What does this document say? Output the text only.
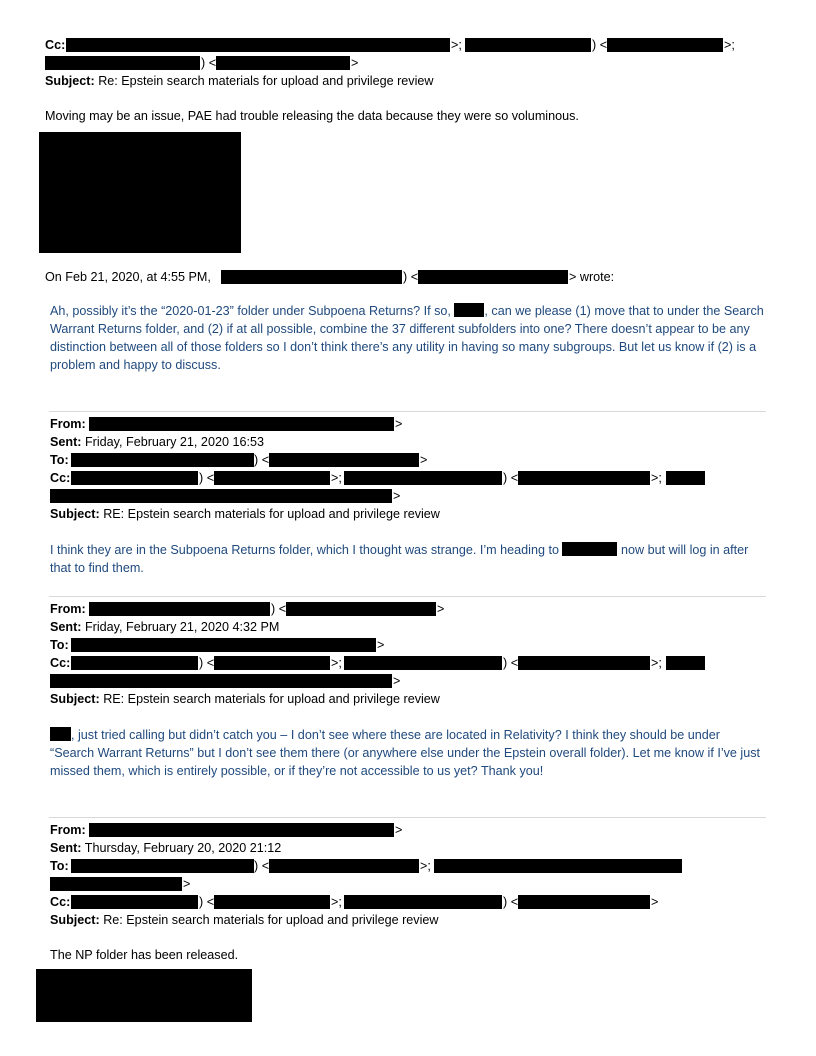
Cc:	>;	) <	>;
) <	>
Subject: Re: Epstein search materials for upload and privilege review
Moving may be an issue, PAE had trouble releasing the data because they were so voluminous.
On Feb 21, 2020, at 4:55 PM,	) <	> wrote:
Ah, possibly it’s the “2020-01-23” folder under Subpoena Returns? If so,	, can we please (1) move that to under the Search Warrant Returns folder, and (2) if at all possible, combine the 37 different subfolders into one? There doesn’t appear to be any distinction between all of those folders so I don’t think there’s any utility in having so many subgroups. But let us know if (2) is a problem and happy to discuss.
From:	>
Sent: Friday, February 21, 2020 16:53
To:	) <	>
Cc:	) <	>;	) <	>;
>
Subject: RE: Epstein search materials for upload and privilege review
I think they are in the Subpoena Returns folder, which I thought was strange. I’m heading to	now but will log in after that to find them.
From:	) <	>
Sent: Friday, February 21, 2020 4:32 PM
To:	>
Cc:	) <	>;	) <	>;
>
Subject: RE: Epstein search materials for upload and privilege review
, just tried calling but didn’t catch you – I don’t see where these are located in Relativity? I think they should be under “Search Warrant Returns” but I don’t see them there (or anywhere else under the Epstein overall folder). Let me know if I’ve just missed them, which is entirely possible, or if they’re not accessible to us yet? Thank you!
From:	>
Sent: Thursday, February 20, 2020 21:12
To:	) <	>;
>
Cc:	) <	>;	) <	>
Subject: Re: Epstein search materials for upload and privilege review
The NP folder has been released.
